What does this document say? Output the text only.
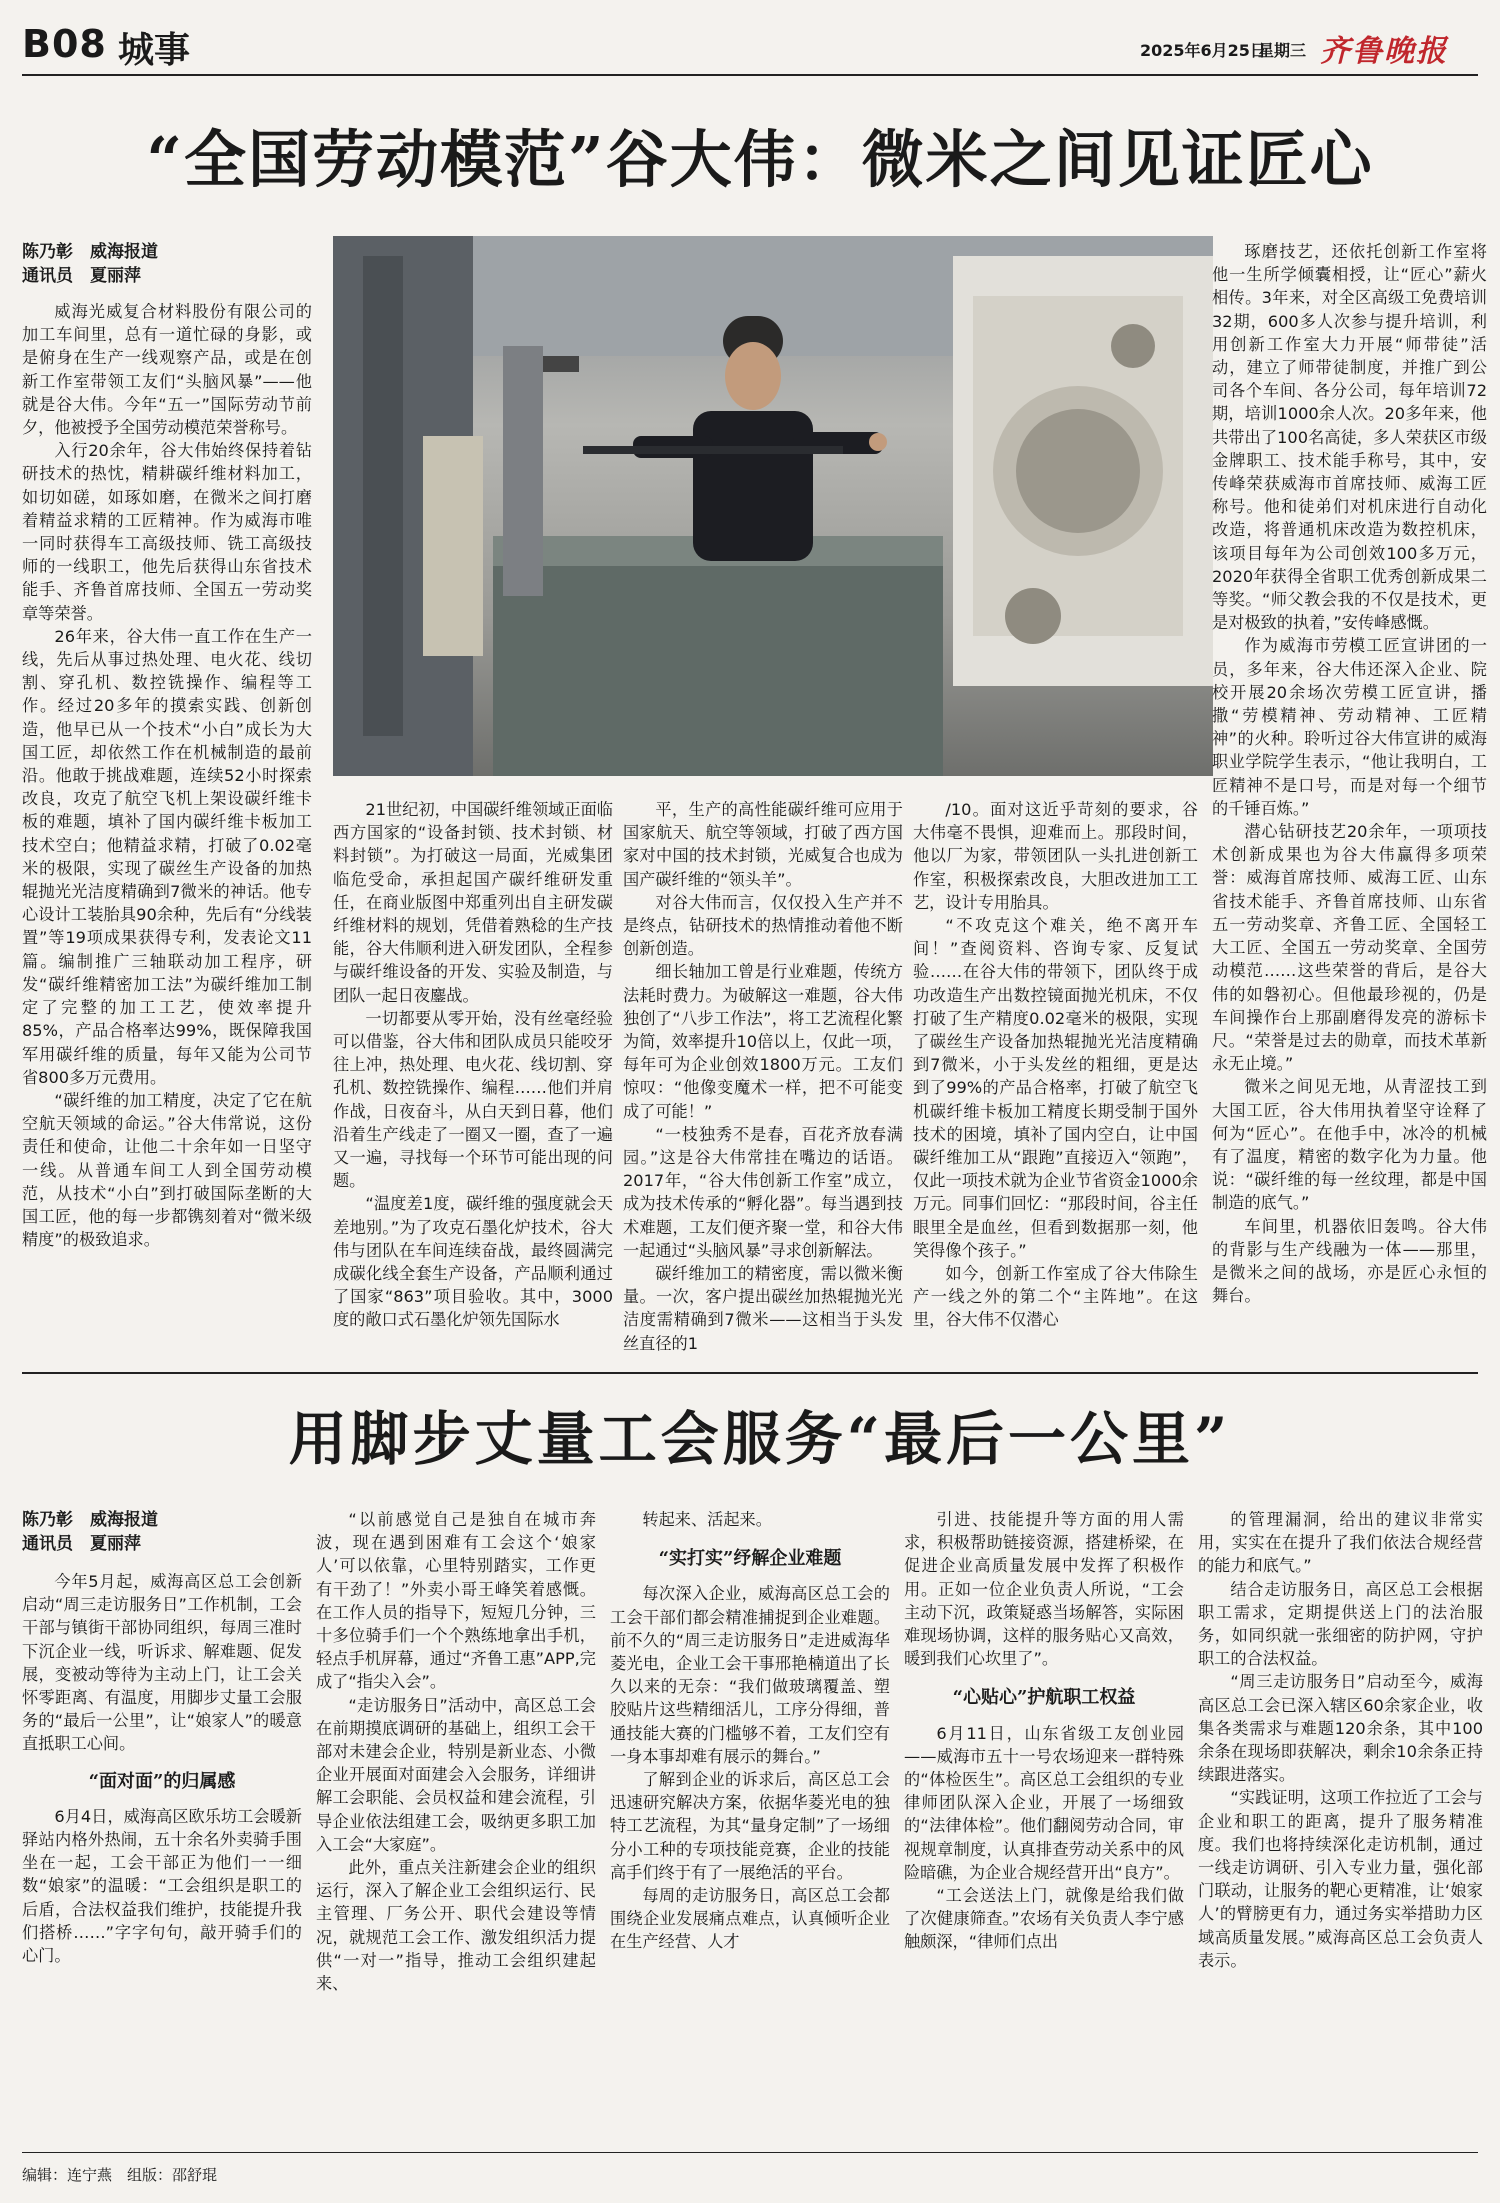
B08 城事	2025年6月25日
星期三 齐鲁晚报
“全国劳动模范”谷大伟：微米之间见证匠心
陈乃彰　威海报道
通讯员　夏丽萍

威海光威复合材料股份有限公司的加工车间里，总有一道忙碌的身影，或是俯身在生产一线观察产品，或是在创新工作室带领工友们“头脑风暴”——他就是谷大伟。今年“五一”国际劳动节前夕，他被授予全国劳动模范荣誉称号。

入行20余年，谷大伟始终保持着钻研技术的热忱，精耕碳纤维材料加工，如切如磋，如琢如磨，在微米之间打磨着精益求精的工匠精神。作为威海市唯一同时获得车工高级技师、铣工高级技师的一线职工，他先后获得山东省技术能手、齐鲁首席技师、全国五一劳动奖章等荣誉。

26年来，谷大伟一直工作在生产一线，先后从事过热处理、电火花、线切割、穿孔机、数控铣操作、编程等工作。经过20多年的摸索实践、创新创造，他早已从一个技术“小白”成长为大国工匠，却依然工作在机械制造的最前沿。他敢于挑战难题，连续52小时探索改良，攻克了航空飞机上架设碳纤维卡板的难题，填补了国内碳纤维卡板加工技术空白；他精益求精，打破了0.02毫米的极限，实现了碳丝生产设备的加热辊抛光光洁度精确到7微米的神话。他专心设计工装胎具90余种，先后有“分线装置”等19项成果获得专利，发表论文11篇。编制推广三轴联动加工程序，研发“碳纤维精密加工法”为碳纤维加工制定了完整的加工工艺，使效率提升85%，产品合格率达99%，既保障我国军用碳纤维的质量，每年又能为公司节省800多万元费用。

“碳纤维的加工精度，决定了它在航空航天领域的命运。”谷大伟常说，这份责任和使命，让他二十余年如一日坚守一线。从普通车间工人到全国劳动模范，从技术“小白”到打破国际垄断的大国工匠，他的每一步都镌刻着对“微米级精度”的极致追求。

21世纪初，中国碳纤维领域正面临西方国家的“设备封锁、技术封锁、材料封锁”。为打破这一局面，光威集团临危受命，承担起国产碳纤维研发重任，在商业版图中郑重列出自主研发碳纤维材料的规划，凭借着熟稔的生产技能，谷大伟顺利进入研发团队，全程参与碳纤维设备的开发、实验及制造，与团队一起日夜鏖战。

一切都要从零开始，没有丝毫经验可以借鉴，谷大伟和团队成员只能咬牙往上冲，热处理、电火花、线切割、穿孔机、数控铣操作、编程……他们并肩作战，日夜奋斗，从白天到日暮，他们沿着生产线走了一圈又一圈，查了一遍又一遍，寻找每一个环节可能出现的问题。

“温度差1度，碳纤维的强度就会天差地别。”为了攻克石墨化炉技术，谷大伟与团队在车间连续奋战，最终圆满完成碳化线全套生产设备，产品顺利通过了国家“863”项目验收。其中，3000度的敞口式石墨化炉领先国际水

平，生产的高性能碳纤维可应用于国家航天、航空等领域，打破了西方国家对中国的技术封锁，光威复合也成为国产碳纤维的“领头羊”。

对谷大伟而言，仅仅投入生产并不是终点，钻研技术的热情推动着他不断创新创造。

细长轴加工曾是行业难题，传统方法耗时费力。为破解这一难题，谷大伟独创了“八步工作法”，将工艺流程化繁为简，效率提升10倍以上，仅此一项，每年可为企业创效1800万元。工友们惊叹：“他像变魔术一样，把不可能变成了可能！”

“一枝独秀不是春，百花齐放春满园。”这是谷大伟常挂在嘴边的话语。2017年，“谷大伟创新工作室”成立，成为技术传承的“孵化器”。每当遇到技术难题，工友们便齐聚一堂，和谷大伟一起通过“头脑风暴”寻求创新解法。

碳纤维加工的精密度，需以微米衡量。一次，客户提出碳丝加热辊抛光光洁度需精确到7微米——这相当于头发丝直径的1

/10。面对这近乎苛刻的要求，谷大伟毫不畏惧，迎难而上。那段时间，他以厂为家，带领团队一头扎进创新工作室，积极探索改良，大胆改进加工工艺，设计专用胎具。

“不攻克这个难关，绝不离开车间！”查阅资料、咨询专家、反复试验……在谷大伟的带领下，团队终于成功改造生产出数控镜面抛光机床，不仅打破了生产精度0.02毫米的极限，实现了碳丝生产设备加热辊抛光光洁度精确到7微米，小于头发丝的粗细，更是达到了99%的产品合格率，打破了航空飞机碳纤维卡板加工精度长期受制于国外技术的困境，填补了国内空白，让中国碳纤维加工从“跟跑”直接迈入“领跑”，仅此一项技术就为企业节省资金1000余万元。同事们回忆：“那段时间，谷主任眼里全是血丝，但看到数据那一刻，他笑得像个孩子。”

如今，创新工作室成了谷大伟除生产一线之外的第二个“主阵地”。在这里，谷大伟不仅潜心

琢磨技艺，还依托创新工作室将他一生所学倾囊相授，让“匠心”薪火相传。3年来，对全区高级工免费培训32期，600多人次参与提升培训，利用创新工作室大力开展“师带徒”活动，建立了师带徒制度，并推广到公司各个车间、各分公司，每年培训72期，培训1000余人次。20多年来，他共带出了100名高徒，多人荣获区市级金牌职工、技术能手称号，其中，安传峰荣获威海市首席技师、威海工匠称号。他和徒弟们对机床进行自动化改造，将普通机床改造为数控机床，该项目每年为公司创效100多万元，2020年获得全省职工优秀创新成果二等奖。“师父教会我的不仅是技术，更是对极致的执着，”安传峰感慨。

作为威海市劳模工匠宣讲团的一员，多年来，谷大伟还深入企业、院校开展20余场次劳模工匠宣讲，播撒“劳模精神、劳动精神、工匠精神”的火种。聆听过谷大伟宣讲的威海职业学院学生表示，“他让我明白，工匠精神不是口号，而是对每一个细节的千锤百炼。”

潜心钻研技艺20余年，一项项技术创新成果也为谷大伟赢得多项荣誉：威海首席技师、威海工匠、山东省技术能手、齐鲁首席技师、山东省五一劳动奖章、齐鲁工匠、全国轻工大工匠、全国五一劳动奖章、全国劳动模范……这些荣誉的背后，是谷大伟的如磐初心。但他最珍视的，仍是车间操作台上那副磨得发亮的游标卡尺。“荣誉是过去的勋章，而技术革新永无止境。”

微米之间见无地，从青涩技工到大国工匠，谷大伟用执着坚守诠释了何为“匠心”。在他手中，冰冷的机械有了温度，精密的数字化为力量。他说：“碳纤维的每一丝纹理，都是中国制造的底气。”

车间里，机器依旧轰鸣。谷大伟的背影与生产线融为一体——那里，是微米之间的战场，亦是匠心永恒的舞台。

用脚步丈量工会服务“最后一公里”
陈乃彰　威海报道
通讯员　夏丽萍

今年5月起，威海高区总工会创新启动“周三走访服务日”工作机制，工会干部与镇街干部协同组织，每周三准时下沉企业一线，听诉求、解难题、促发展，变被动等待为主动上门，让工会关怀零距离、有温度，用脚步丈量工会服务的“最后一公里”，让“娘家人”的暖意直抵职工心间。

“面对面”的归属感

6月4日，威海高区欧乐坊工会暖新驿站内格外热闹，五十余名外卖骑手围坐在一起，工会干部正为他们一一细数“娘家”的温暖：“工会组织是职工的后盾，合法权益我们维护，技能提升我们搭桥……”字字句句，敲开骑手们的心门。

“以前感觉自己是独自在城市奔波，现在遇到困难有工会这个‘娘家人’可以依靠，心里特别踏实，工作更有干劲了！”外卖小哥王峰笑着感慨。在工作人员的指导下，短短几分钟，三十多位骑手们一个个熟练地拿出手机，轻点手机屏幕，通过“齐鲁工惠”APP,完成了“指尖入会”。

“走访服务日”活动中，高区总工会在前期摸底调研的基础上，组织工会干部对未建会企业，特别是新业态、小微企业开展面对面建会入会服务，详细讲解工会职能、会员权益和建会流程，引导企业依法组建工会，吸纳更多职工加入工会“大家庭”。

此外，重点关注新建会企业的组织运行，深入了解企业工会组织运行、民主管理、厂务公开、职代会建设等情况，就规范工会工作、激发组织活力提供“一对一”指导，推动工会组织建起来、

转起来、活起来。

“实打实”纾解企业难题

每次深入企业，威海高区总工会的工会干部们都会精准捕捉到企业难题。前不久的“周三走访服务日”走进威海华菱光电，企业工会干事邢艳楠道出了长久以来的无奈：“我们做玻璃覆盖、塑胶贴片这些精细活儿，工序分得细，普通技能大赛的门槛够不着，工友们空有一身本事却难有展示的舞台。”

了解到企业的诉求后，高区总工会迅速研究解决方案，依据华菱光电的独特工艺流程，为其“量身定制”了一场细分小工种的专项技能竞赛，企业的技能高手们终于有了一展绝活的平台。

每周的走访服务日，高区总工会都围绕企业发展痛点难点，认真倾听企业在生产经营、人才

引进、技能提升等方面的用人需求，积极帮助链接资源，搭建桥梁，在促进企业高质量发展中发挥了积极作用。正如一位企业负责人所说，“工会主动下沉，政策疑惑当场解答，实际困难现场协调，这样的服务贴心又高效，暖到我们心坎里了”。

“心贴心”护航职工权益

6月11日，山东省级工友创业园——威海市五十一号农场迎来一群特殊的“体检医生”。高区总工会组织的专业律师团队深入企业，开展了一场细致的“法律体检”。他们翻阅劳动合同，审视规章制度，认真排查劳动关系中的风险暗礁，为企业合规经营开出“良方”。

“工会送法上门，就像是给我们做了次健康筛查。”农场有关负责人李宁感触颇深，“律师们点出

的管理漏洞，给出的建议非常实用，实实在在提升了我们依法合规经营的能力和底气。”

结合走访服务日，高区总工会根据职工需求，定期提供送上门的法治服务，如同织就一张细密的防护网，守护职工的合法权益。

“周三走访服务日”启动至今，威海高区总工会已深入辖区60余家企业，收集各类需求与难题120余条，其中100余条在现场即获解决，剩余10余条正持续跟进落实。

“实践证明，这项工作拉近了工会与企业和职工的距离，提升了服务精准度。我们也将持续深化走访机制，通过一线走访调研、引入专业力量，强化部门联动，让服务的靶心更精准，让‘娘家人’的臂膀更有力，通过务实举措助力区域高质量发展。”威海高区总工会负责人表示。

编辑：连宁燕　组版：邵舒琨
